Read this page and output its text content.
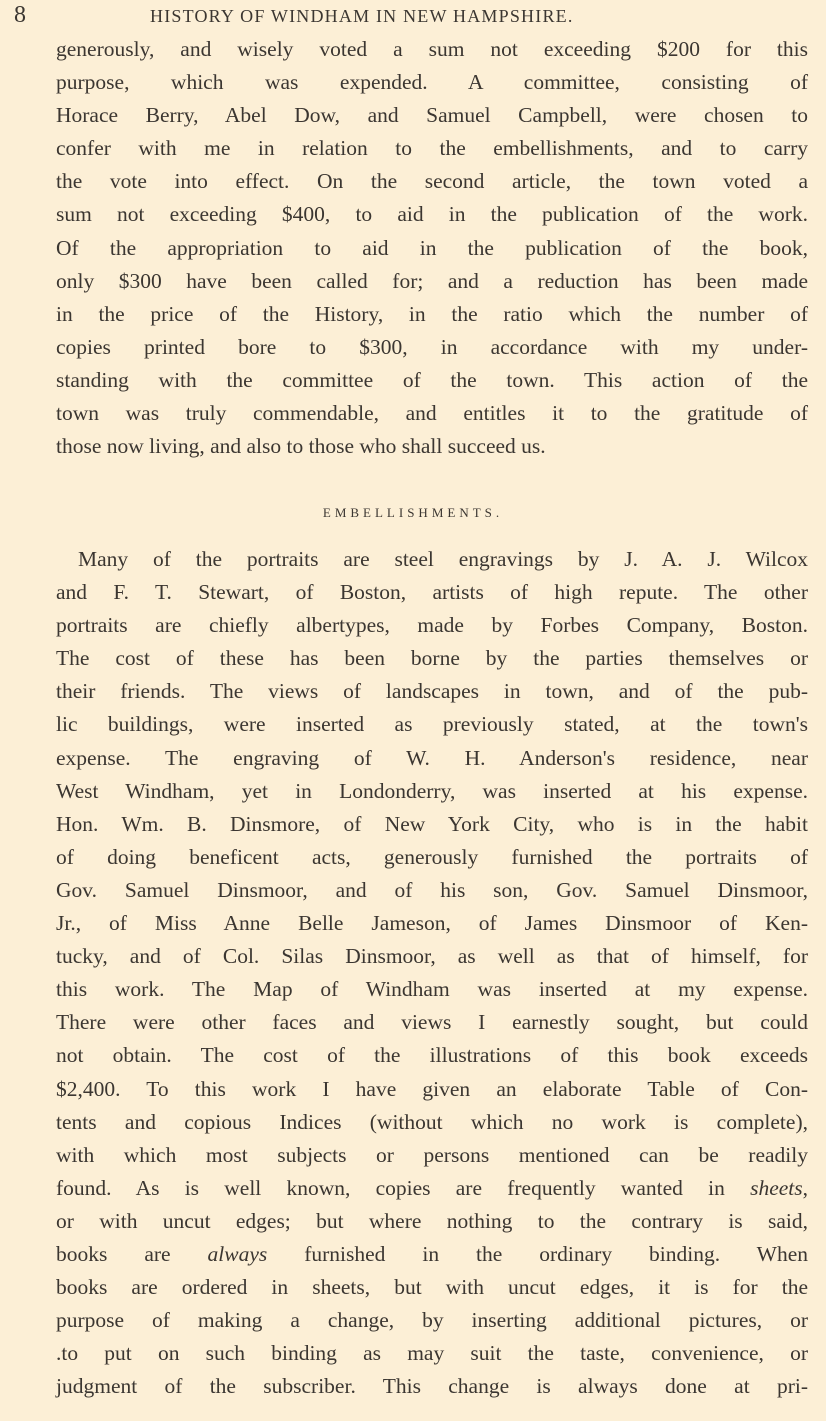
8	HISTORY OF WINDHAM IN NEW HAMPSHIRE.
generously, and wisely voted a sum not exceeding $200 for this
purpose, which was expended. A committee, consisting of
Horace Berry, Abel Dow, and Samuel Campbell, were chosen to
confer with me in relation to the embellishments, and to carry
the vote into effect. On the second article, the town voted a
sum not exceeding $400, to aid in the publication of the work.
Of the appropriation to aid in the publication of the book,
only $300 have been called for; and a reduction has been made
in the price of the History, in the ratio which the number of
copies printed bore to $300, in accordance with my under-
standing with the committee of the town. This action of the
town was truly commendable, and entitles it to the gratitude of
those now living, and also to those who shall succeed us.
EMBELLISHMENTS.
Many of the portraits are steel engravings by J. A. J. Wilcox
and F. T. Stewart, of Boston, artists of high repute. The other
portraits are chiefly albertypes, made by Forbes Company, Boston.
The cost of these has been borne by the parties themselves or
their friends. The views of landscapes in town, and of the pub-
lic buildings, were inserted as previously stated, at the town's
expense. The engraving of W. H. Anderson's residence, near
West Windham, yet in Londonderry, was inserted at his expense.
Hon. Wm. B. Dinsmore, of New York City, who is in the habit
of doing beneficent acts, generously furnished the portraits of
Gov. Samuel Dinsmoor, and of his son, Gov. Samuel Dinsmoor,
Jr., of Miss Anne Belle Jameson, of James Dinsmoor of Ken-
tucky, and of Col. Silas Dinsmoor, as well as that of himself, for
this work. The Map of Windham was inserted at my expense.
There were other faces and views I earnestly sought, but could
not obtain. The cost of the illustrations of this book exceeds
$2,400. To this work I have given an elaborate Table of Con-
tents and copious Indices (without which no work is complete),
with which most subjects or persons mentioned can be readily
found. As is well known, copies are frequently wanted in sheets,
or with uncut edges; but where nothing to the contrary is said,
books are always furnished in the ordinary binding. When
books are ordered in sheets, but with uncut edges, it is for the
purpose of making a change, by inserting additional pictures, or
.to put on such binding as may suit the taste, convenience, or
judgment of the subscriber. This change is always done at pri-
